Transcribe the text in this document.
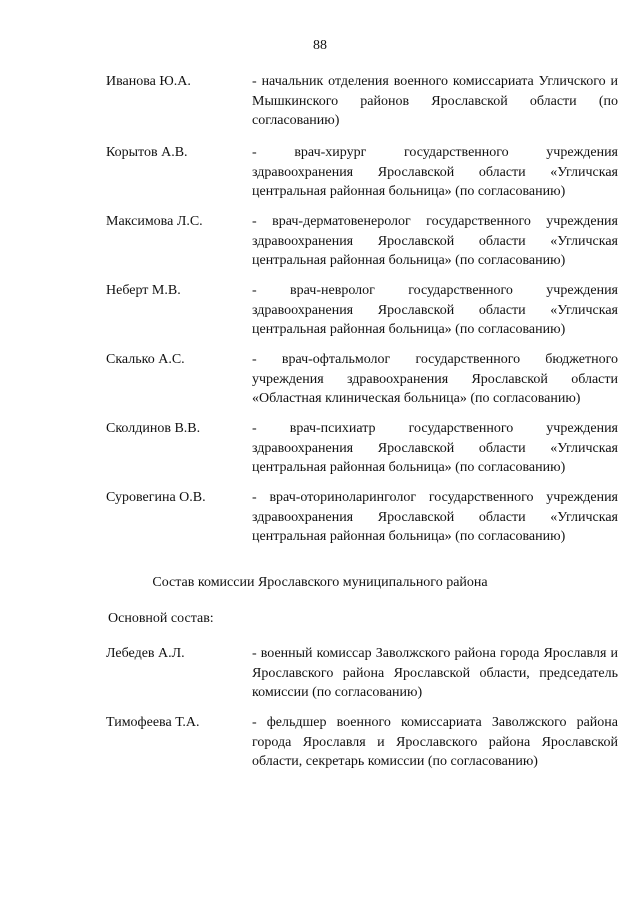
88
Иванова Ю.А.	- начальник отделения военного комиссариата Угличского и Мышкинского районов Ярославской области (по согласованию)
Корытов А.В.	- врач-хирург государственного учреждения здравоохранения Ярославской области «Угличская центральная районная больница» (по согласованию)
Максимова Л.С.	- врач-дерматовенеролог государственного учреждения здравоохранения Ярославской области «Угличская центральная районная больница» (по согласованию)
Неберт М.В.	- врач-невролог государственного учреждения здравоохранения Ярославской области «Угличская центральная районная больница» (по согласованию)
Скалько А.С.	- врач-офтальмолог государственного бюджетного учреждения здравоохранения Ярославской области «Областная клиническая больница» (по согласованию)
Сколдинов В.В.	- врач-психиатр государственного учреждения здравоохранения Ярославской области «Угличская центральная районная больница» (по согласованию)
Суровегина О.В.	- врач-оториноларинголог государственного учреждения здравоохранения Ярославской области «Угличская центральная районная больница» (по согласованию)
Состав комиссии Ярославского муниципального района
Основной состав:
Лебедев А.Л.	- военный комиссар Заволжского района города Ярославля и Ярославского района Ярославской области, председатель комиссии (по согласованию)
Тимофеева Т.А.	- фельдшер военного комиссариата Заволжского района города Ярославля и Ярославского района Ярославской области, секретарь комиссии (по согласованию)
